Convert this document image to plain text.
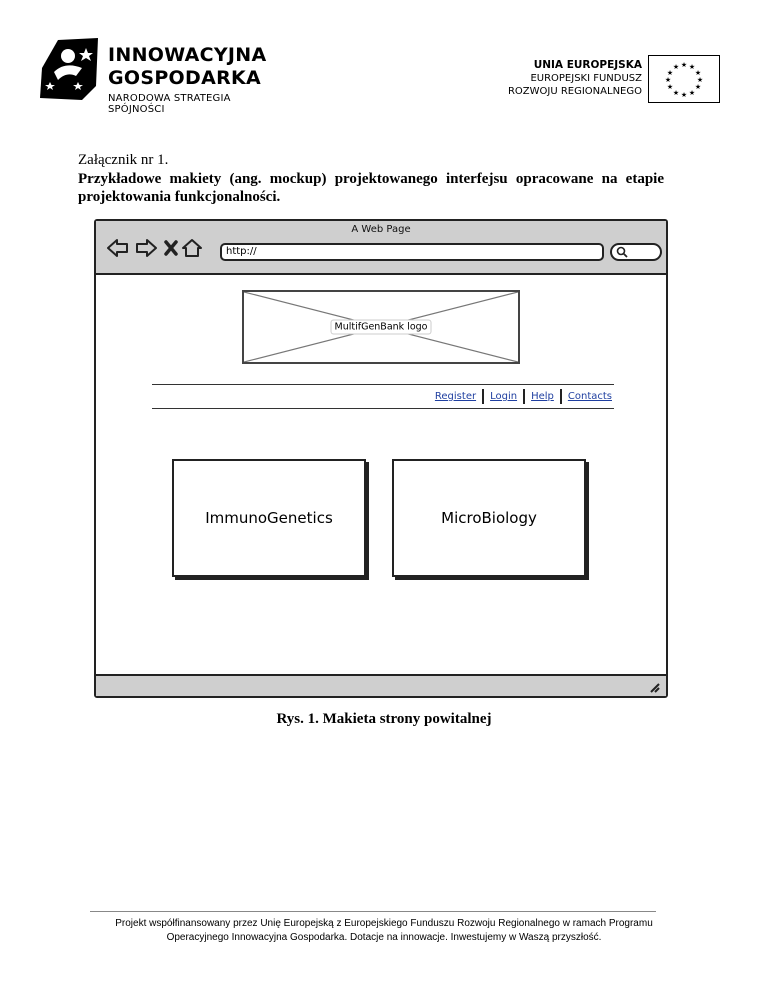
INNOWACYJNA
GOSPODARKA
NARODOWA STRATEGIA SPÓJNOŚCI
UNIA EUROPEJSKA
EUROPEJSKI FUNDUSZ
ROZWOJU REGIONALNEGO
★ ★
★
★
★
★
★
★
★
★
★
★
Załącznik nr 1.
Przykładowe makiety (ang. mockup) projektowanego interfejsu opracowane na etapie projektowania funkcjonalności.
A Web Page
http://
MultifGenBank logo
Register Login Help Contacts
ImmunoGenetics	MicroBiology
Rys. 1. Makieta strony powitalnej
Projekt współfinansowany przez Unię Europejską z Europejskiego Funduszu Rozwoju Regionalnego w ramach Programu
Operacyjnego Innowacyjna Gospodarka. Dotacje na innowacje. Inwestujemy w Waszą przyszłość.
